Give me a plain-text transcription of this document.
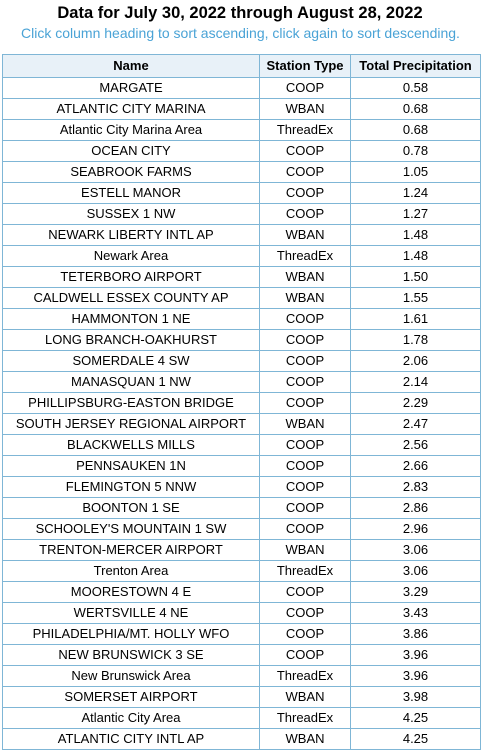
Data for July 30, 2022 through August 28, 2022
Click column heading to sort ascending, click again to sort descending.
Name	Station Type	Total Precipitation
MARGATE	COOP	0.58
ATLANTIC CITY MARINA	WBAN	0.68
Atlantic City Marina Area	ThreadEx	0.68
OCEAN CITY	COOP	0.78
SEABROOK FARMS	COOP	1.05
ESTELL MANOR	COOP	1.24
SUSSEX 1 NW	COOP	1.27
NEWARK LIBERTY INTL AP	WBAN	1.48
Newark Area	ThreadEx	1.48
TETERBORO AIRPORT	WBAN	1.50
CALDWELL ESSEX COUNTY AP	WBAN	1.55
HAMMONTON 1 NE	COOP	1.61
LONG BRANCH-OAKHURST	COOP	1.78
SOMERDALE 4 SW	COOP	2.06
MANASQUAN 1 NW	COOP	2.14
PHILLIPSBURG-EASTON BRIDGE	COOP	2.29
SOUTH JERSEY REGIONAL AIRPORT	WBAN	2.47
BLACKWELLS MILLS	COOP	2.56
PENNSAUKEN 1N	COOP	2.66
FLEMINGTON 5 NNW	COOP	2.83
BOONTON 1 SE	COOP	2.86
SCHOOLEY'S MOUNTAIN 1 SW	COOP	2.96
TRENTON-MERCER AIRPORT	WBAN	3.06
Trenton Area	ThreadEx	3.06
MOORESTOWN 4 E	COOP	3.29
WERTSVILLE 4 NE	COOP	3.43
PHILADELPHIA/MT. HOLLY WFO	COOP	3.86
NEW BRUNSWICK 3 SE	COOP	3.96
New Brunswick Area	ThreadEx	3.96
SOMERSET AIRPORT	WBAN	3.98
Atlantic City Area	ThreadEx	4.25
ATLANTIC CITY INTL AP	WBAN	4.25
